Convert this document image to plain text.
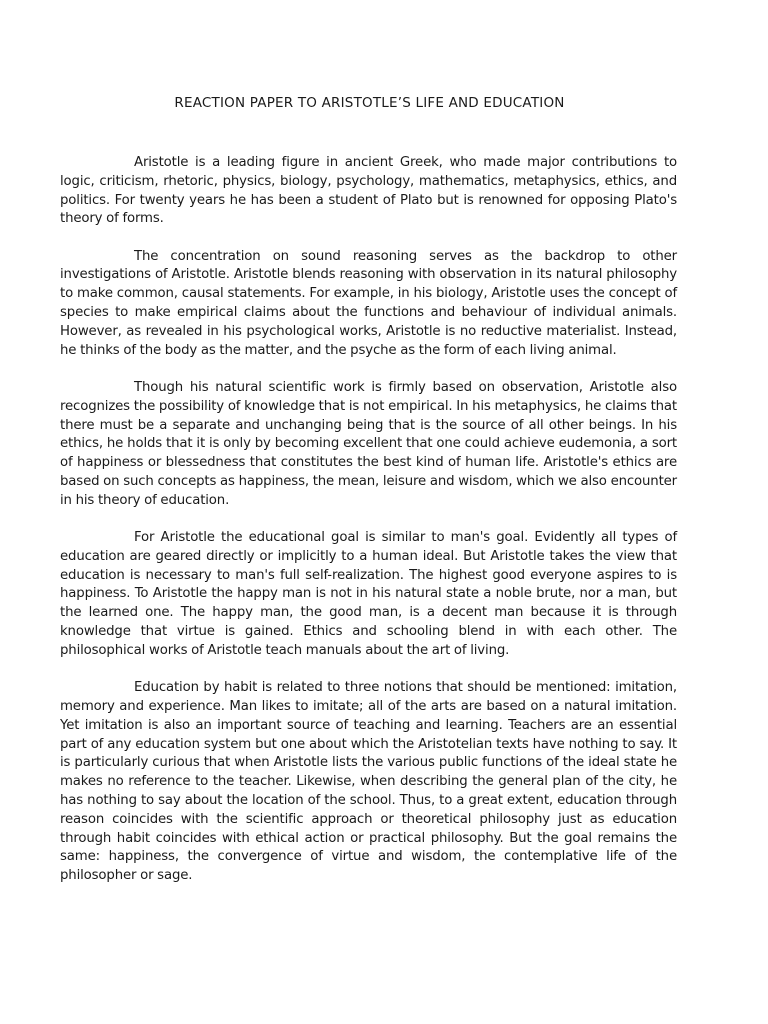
REACTION PAPER TO ARISTOTLE’S LIFE AND EDUCATION

Aristotle is a leading figure in ancient Greek, who made major contributions to logic, criticism, rhetoric, physics, biology, psychology, mathematics, metaphysics, ethics, and politics. For twenty years he has been a student of Plato but is renowned for opposing Plato's theory of forms.

The concentration on sound reasoning serves as the backdrop to other investigations of Aristotle. Aristotle blends reasoning with observation in its natural philosophy to make common, causal statements. For example, in his biology, Aristotle uses the concept of species to make empirical claims about the functions and behaviour of individual animals. However, as revealed in his psychological works, Aristotle is no reductive materialist. Instead, he thinks of the body as the matter, and the psyche as the form of each living animal.

Though his natural scientific work is firmly based on observation, Aristotle also recognizes the possibility of knowledge that is not empirical. In his metaphysics, he claims that there must be a separate and unchanging being that is the source of all other beings. In his ethics, he holds that it is only by becoming excellent that one could achieve eudemonia, a sort of happiness or blessedness that constitutes the best kind of human life. Aristotle's ethics are based on such concepts as happiness, the mean, leisure and wisdom, which we also encounter in his theory of education.

For Aristotle the educational goal is similar to man's goal. Evidently all types of education are geared directly or implicitly to a human ideal. But Aristotle takes the view that education is necessary to man's full self-realization. The highest good everyone aspires to is happiness. To Aristotle the happy man is not in his natural state a noble brute, nor a man, but the learned one. The happy man, the good man, is a decent man because it is through knowledge that virtue is gained. Ethics and schooling blend in with each other. The philosophical works of Aristotle teach manuals about the art of living.

Education by habit is related to three notions that should be mentioned: imitation, memory and experience. Man likes to imitate; all of the arts are based on a natural imitation. Yet imitation is also an important source of teaching and learning. Teachers are an essential part of any education system but one about which the Aristotelian texts have nothing to say. It is particularly curious that when Aristotle lists the various public functions of the ideal state he makes no reference to the teacher. Likewise, when describing the general plan of the city, he has nothing to say about the location of the school. Thus, to a great extent, education through reason coincides with the scientific approach or theoretical philosophy just as education through habit coincides with ethical action or practical philosophy. But the goal remains the same: happiness, the convergence of virtue and wisdom, the contemplative life of the philosopher or sage.
